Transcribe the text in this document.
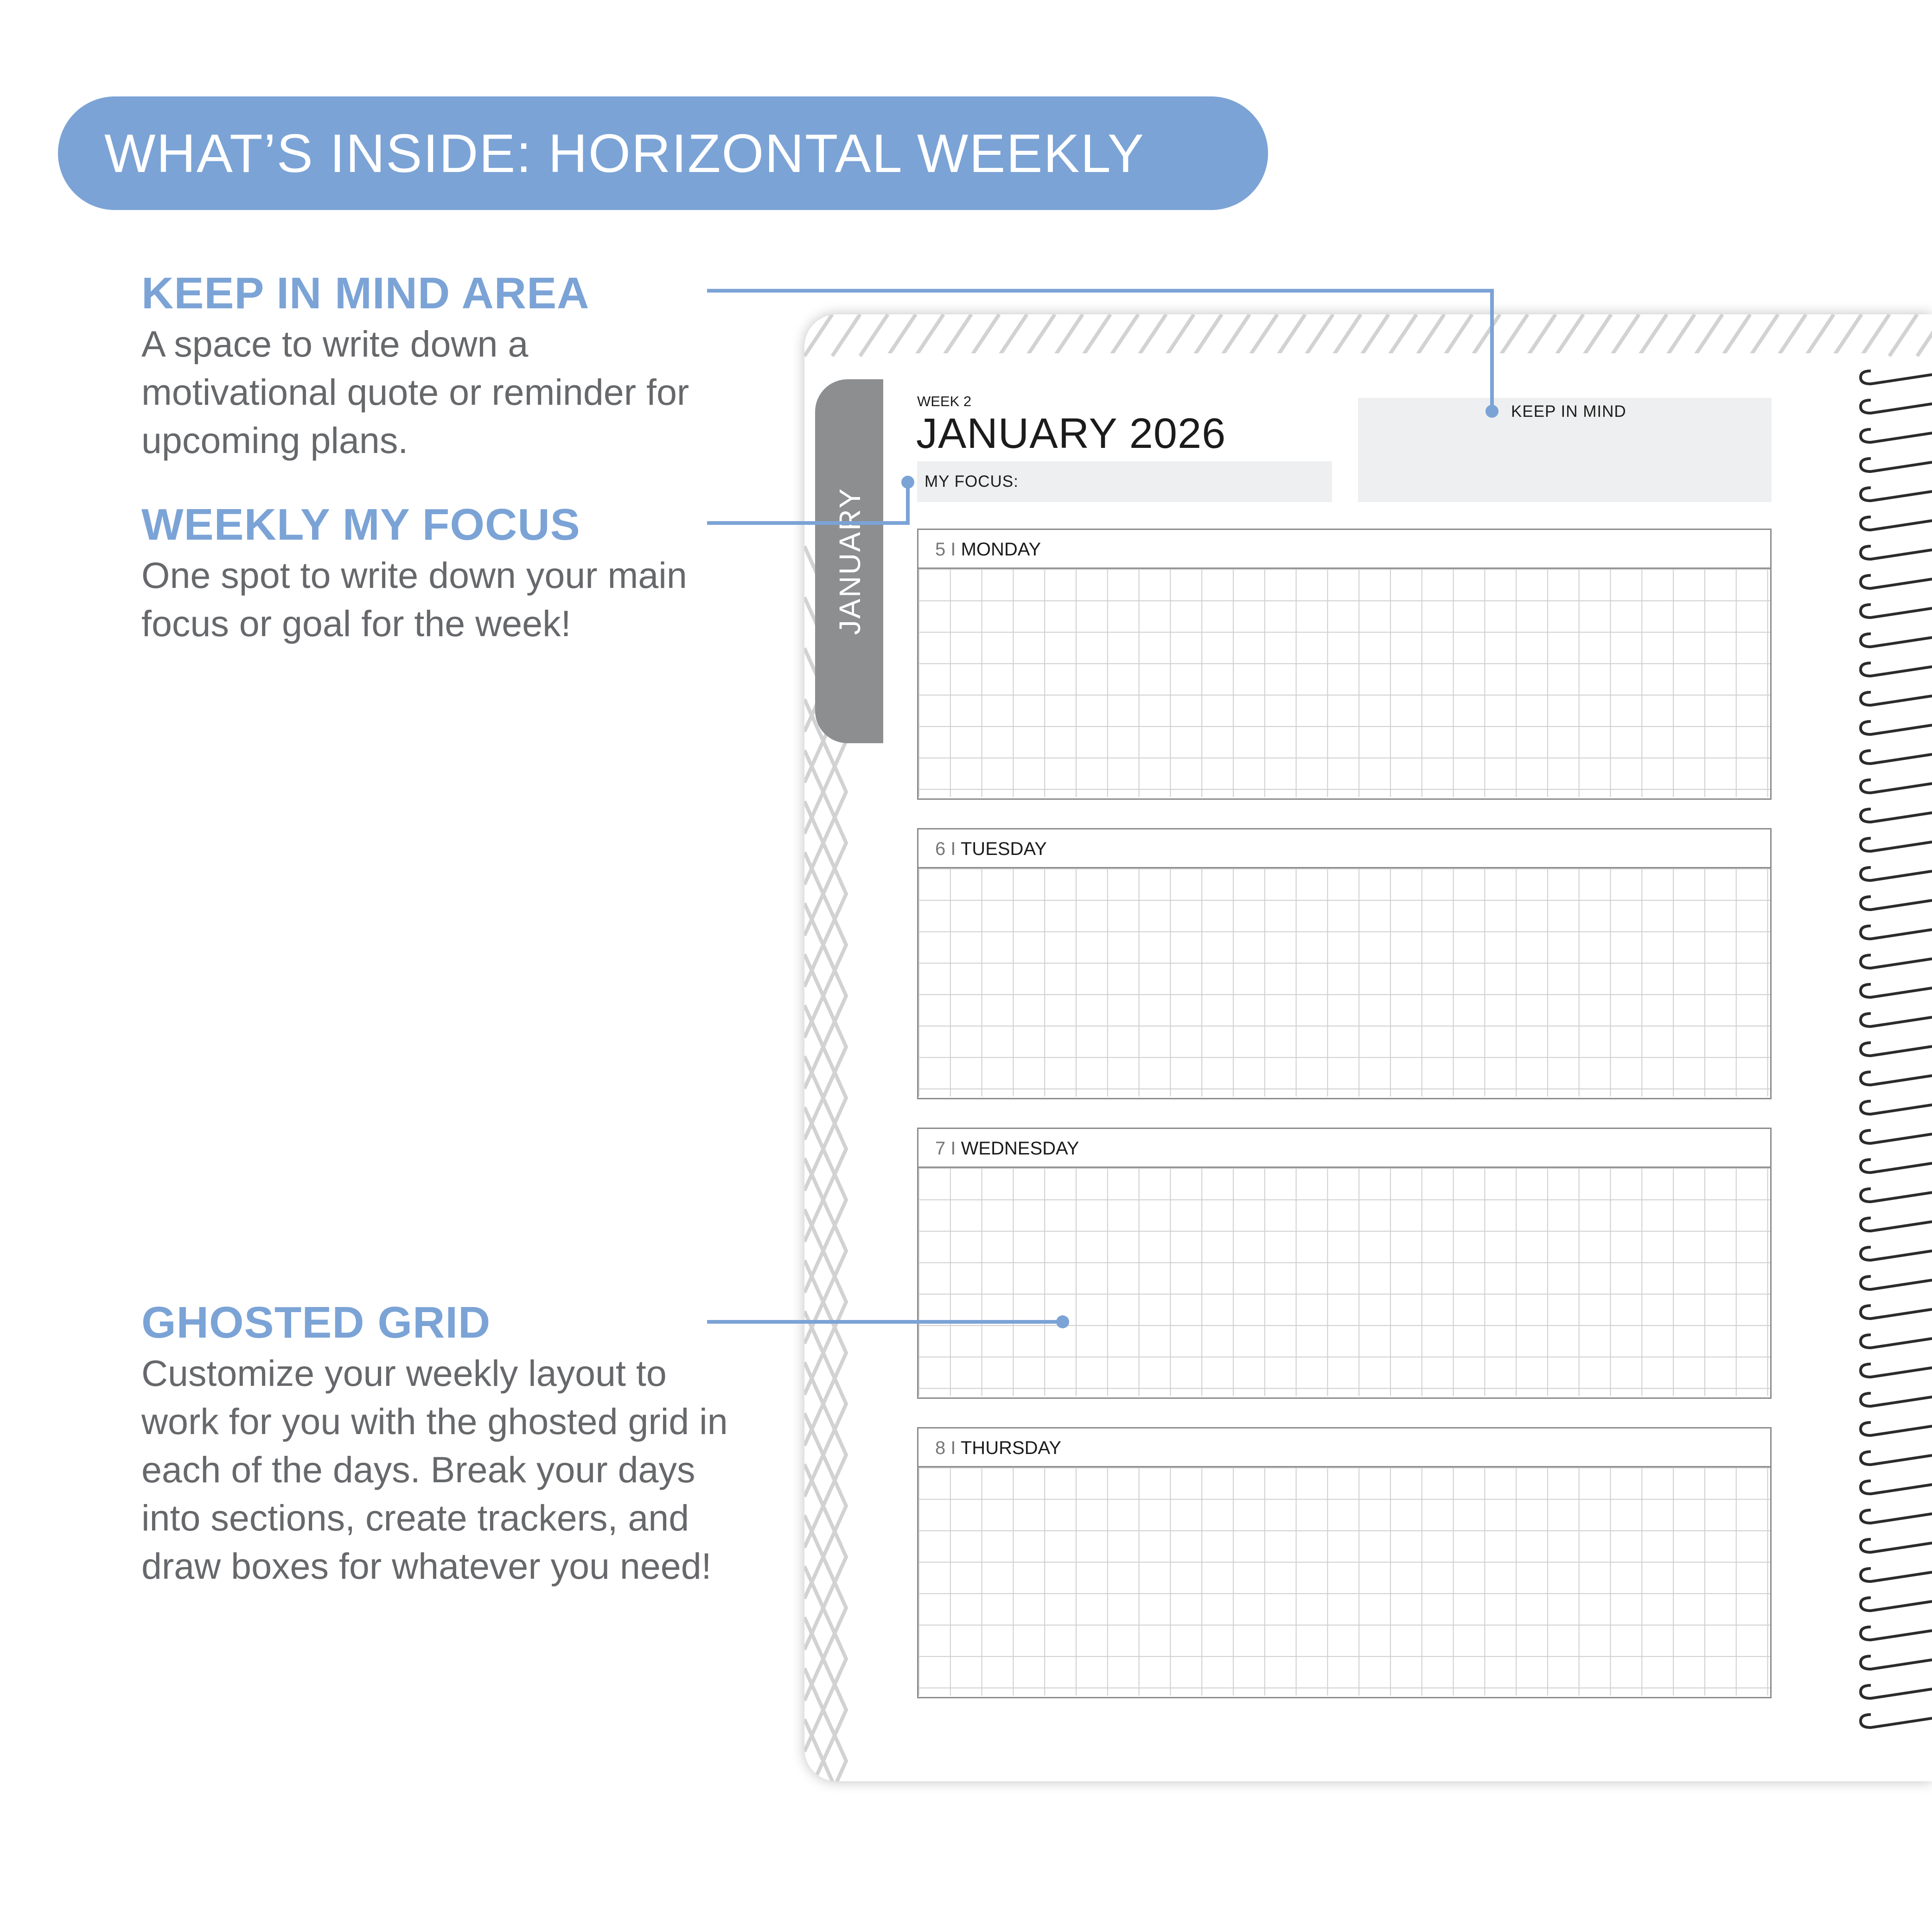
WHAT’S INSIDE: HORIZONTAL WEEKLY
KEEP IN MIND AREA

A space to write down a motivational quote or reminder for upcoming plans.

WEEKLY MY FOCUS

One spot to write down your main focus or goal for the week!

GHOSTED GRID

Customize your weekly layout to work for you with the ghosted grid in each of the days. Break your days into sections, create trackers, and draw boxes for whatever you need!

JANUARY
WEEK 2
JANUARY 2026
MY FOCUS:
KEEP IN MIND
5 I MONDAY
6 I TUESDAY
7 I WEDNESDAY
8 I THURSDAY
